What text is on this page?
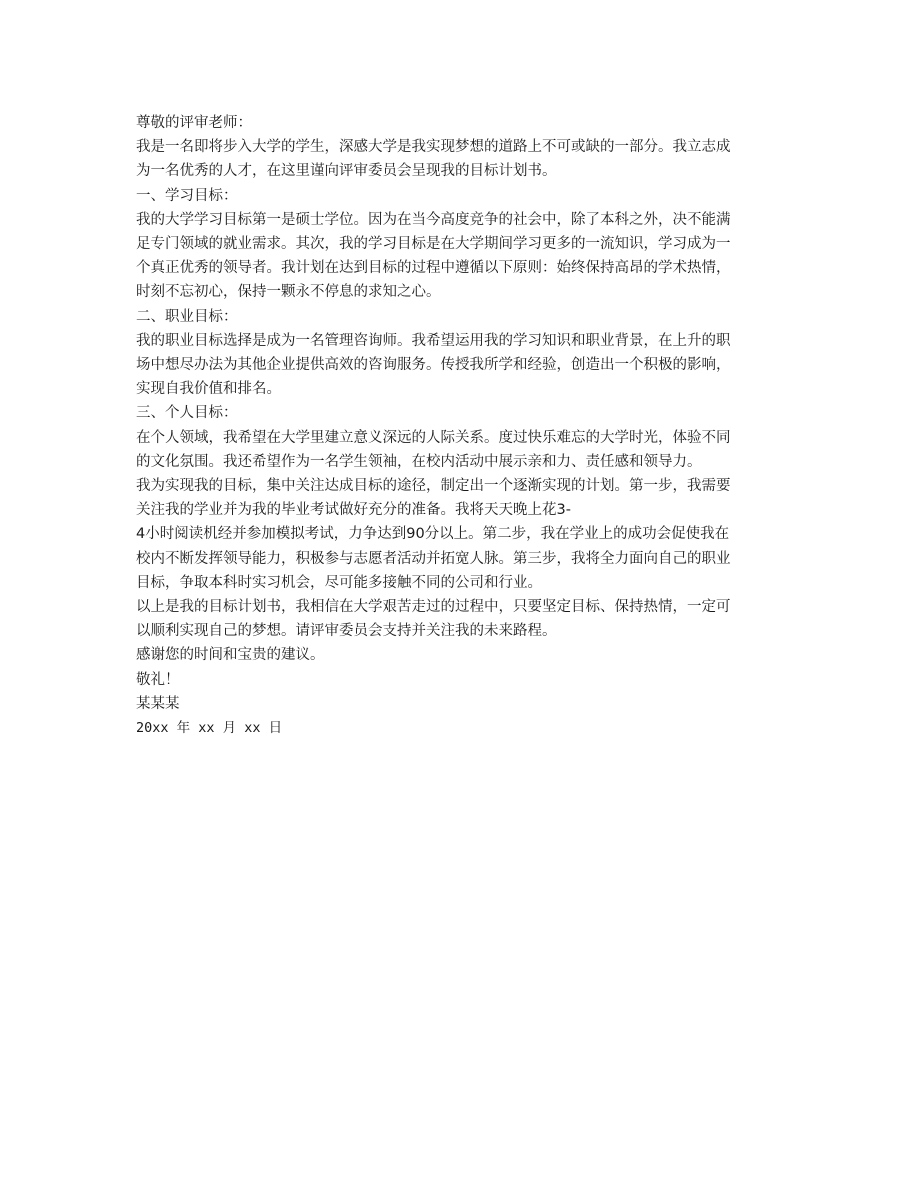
尊敬的评审老师：

我是一名即将步入大学的学生，深感大学是我实现梦想的道路上不可或缺的一部分。我立志成

为一名优秀的人才，在这里谨向评审委员会呈现我的目标计划书。

一、学习目标：

我的大学学习目标第一是硕士学位。因为在当今高度竞争的社会中，除了本科之外，决不能满

足专门领域的就业需求。其次，我的学习目标是在大学期间学习更多的一流知识，学习成为一

个真正优秀的领导者。我计划在达到目标的过程中遵循以下原则：始终保持高昂的学术热情，

时刻不忘初心，保持一颗永不停息的求知之心。

二、职业目标：

我的职业目标选择是成为一名管理咨询师。我希望运用我的学习知识和职业背景，在上升的职

场中想尽办法为其他企业提供高效的咨询服务。传授我所学和经验，创造出一个积极的影响，

实现自我价值和排名。

三、个人目标：

在个人领域，我希望在大学里建立意义深远的人际关系。度过快乐难忘的大学时光，体验不同

的文化氛围。我还希望作为一名学生领袖，在校内活动中展示亲和力、责任感和领导力。

我为实现我的目标，集中关注达成目标的途径，制定出一个逐渐实现的计划。第一步，我需要

关注我的学业并为我的毕业考试做好充分的准备。我将天天晚上花3-

4小时阅读机经并参加模拟考试，力争达到90分以上。第二步，我在学业上的成功会促使我在

校内不断发挥领导能力，积极参与志愿者活动并拓宽人脉。第三步，我将全力面向自己的职业

目标，争取本科时实习机会，尽可能多接触不同的公司和行业。

以上是我的目标计划书，我相信在大学艰苦走过的过程中，只要坚定目标、保持热情，一定可

以顺利实现自己的梦想。请评审委员会支持并关注我的未来路程。

感谢您的时间和宝贵的建议。

敬礼！

某某某

20xx 年 xx 月 xx 日
